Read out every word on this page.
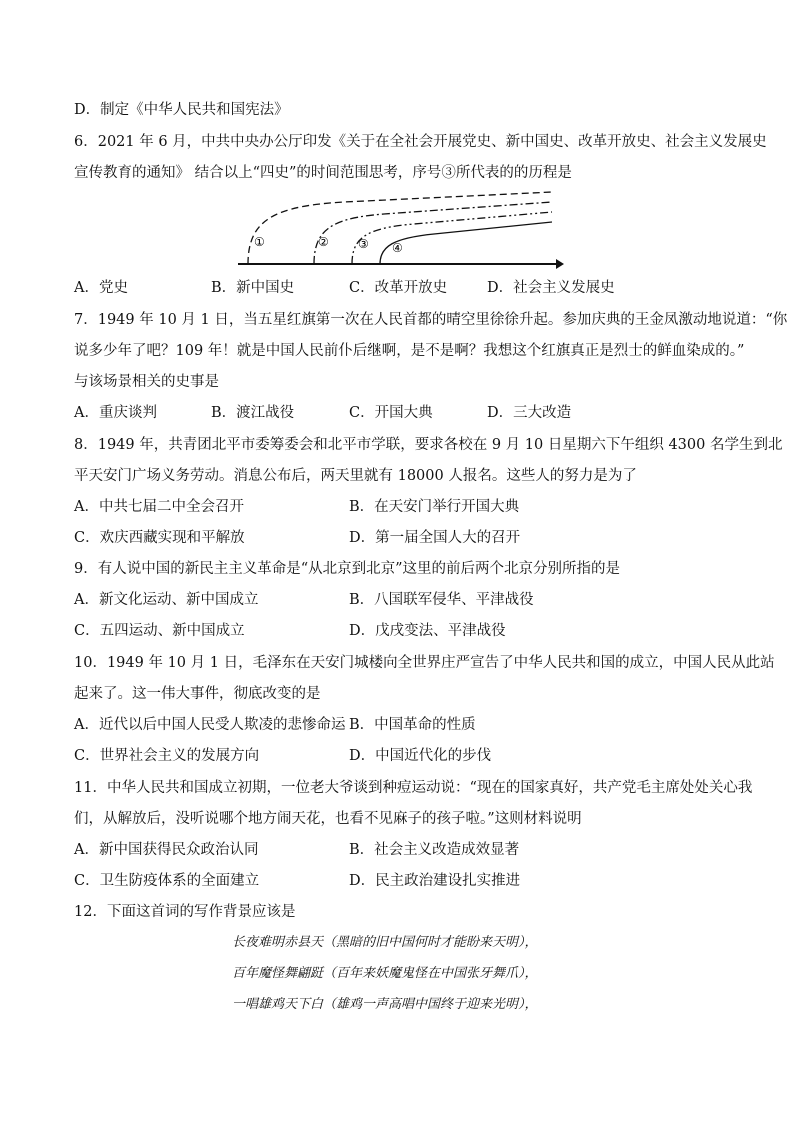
D．制定《中华人民共和国宪法》
6．2021 年 6 月，中共中央办公厅印发《关于在全社会开展党史、新中国史、改革开放史、社会主义发展史
宣传教育的通知》 结合以上“四史”的时间范围思考，序号③所代表的的历程是
①	② ③ ④
A．党史	B．新中国史	C．改革开放史	D．社会主义发展史
7．1949 年 10 月 1 日，当五星红旗第一次在人民首都的晴空里徐徐升起。参加庆典的王金凤激动地说道：“你
说多少年了吧？109 年！就是中国人民前仆后继啊，是不是啊？我想这个红旗真正是烈士的鲜血染成的。”
与该场景相关的史事是
A．重庆谈判	B．渡江战役	C．开国大典	D．三大改造
8．1949 年，共青团北平市委筹委会和北平市学联，要求各校在 9 月 10 日星期六下午组织 4300 名学生到北
平天安门广场义务劳动。消息公布后，两天里就有 18000 人报名。这些人的努力是为了
A．中共七届二中全会召开	B．在天安门举行开国大典
C．欢庆西藏实现和平解放	D．第一届全国人大的召开
9．有人说中国的新民主主义革命是“从北京到北京”这里的前后两个北京分别所指的是
A．新文化运动、新中国成立	B．八国联军侵华、平津战役
C．五四运动、新中国成立	D．戊戌变法、平津战役
10．1949 年 10 月 1 日，毛泽东在天安门城楼向全世界庄严宣告了中华人民共和国的成立，中国人民从此站
起来了。这一伟大事件，彻底改变的是
A．近代以后中国人民受人欺凌的悲惨命运 B．中国革命的性质
C．世界社会主义的发展方向	D．中国近代化的步伐
11．中华人民共和国成立初期，一位老大爷谈到种痘运动说：“现在的国家真好，共产党毛主席处处关心我
们，从解放后，没听说哪个地方闹天花，也看不见麻子的孩子啦。”这则材料说明
A．新中国获得民众政治认同	B．社会主义改造成效显著
C．卫生防疫体系的全面建立	D．民主政治建设扎实推进
12．下面这首词的写作背景应该是
长夜难明赤县天（黑暗的旧中国何时才能盼来天明），
百年魔怪舞翩跹（百年来妖魔鬼怪在中国张牙舞爪），
一唱雄鸡天下白（雄鸡一声高唱中国终于迎来光明），
